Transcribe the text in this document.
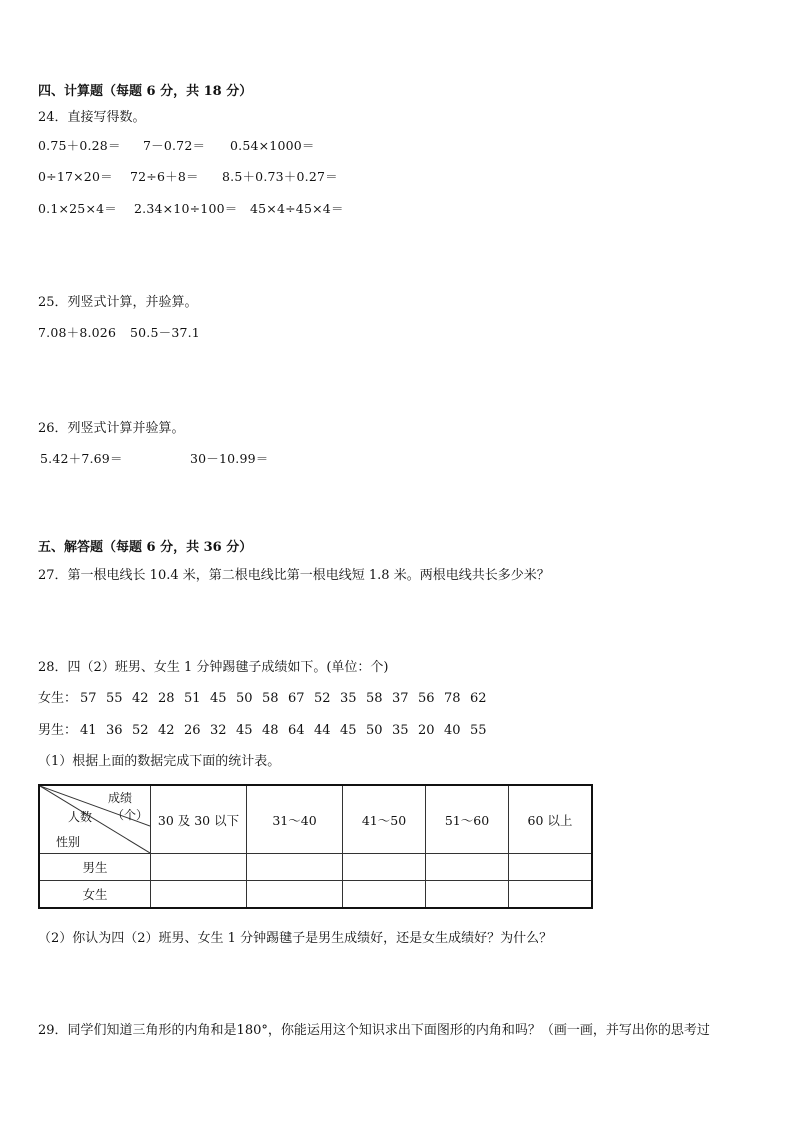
四、计算题（每题 6 分，共 18 分）
24．直接写得数。
0.75＋0.28＝ 7－0.72＝ 0.54×1000＝
0÷17×20＝ 72÷6＋8＝ 8.5＋0.73＋0.27＝
0.1×25×4＝ 2.34×10÷100＝ 45×4÷45×4＝
25．列竖式计算，并验算。
7.08＋8.026 50.5－37.1
26．列竖式计算并验算。
5.42＋7.69＝	30－10.99＝
五、解答题（每题 6 分，共 36 分）
27．第一根电线长 10.4 米，第二根电线比第一根电线短 1.8 米。两根电线共长多少米？
28．四（2）班男、女生 1 分钟踢毽子成绩如下。(单位：个)
女生： 57 55 42 28 51 45 50 58 67 52 35 58 37 56 78 62
男生： 41 36 52 42 26 32 45 48 64 44 45 50 35 20 40 55
（1）根据上面的数据完成下面的统计表。
成绩
（个）
人数
性别	30 及 30 以下	31～40	41～50	51～60	60 以上
男生					
女生					
（2）你认为四（2）班男、女生 1 分钟踢毽子是男生成绩好，还是女生成绩好？为什么？
29．同学们知道三角形的内角和是180°，你能运用这个知识求出下面图形的内角和吗？（画一画，并写出你的思考过
